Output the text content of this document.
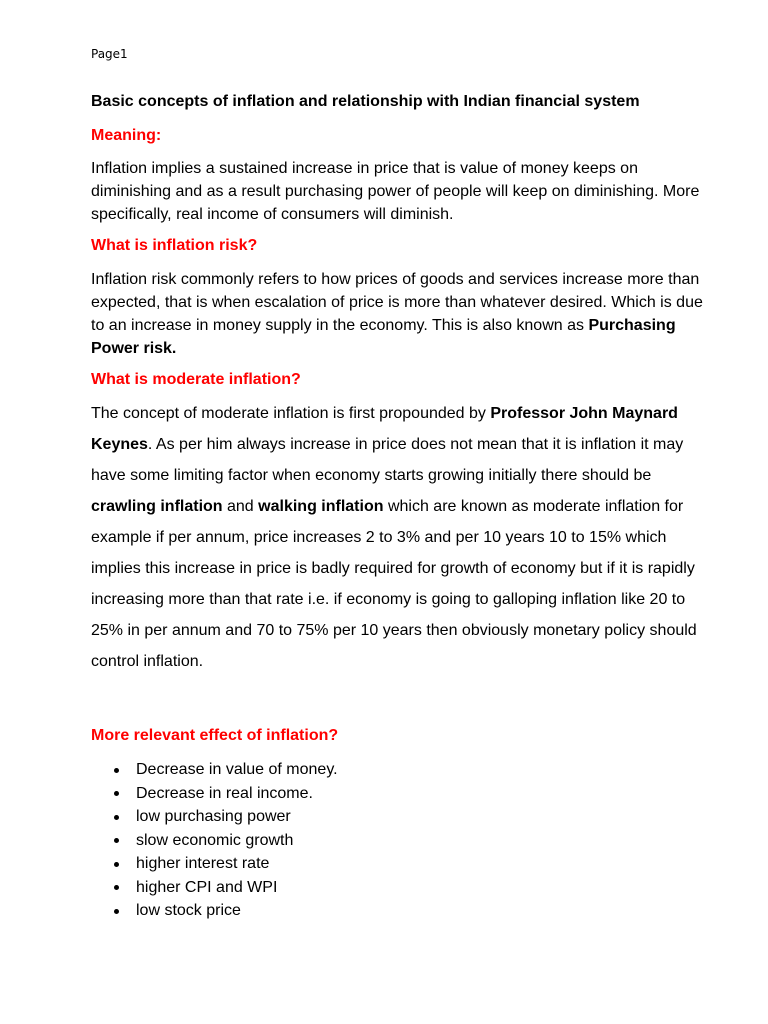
Page1
Basic concepts of inflation and relationship with Indian financial system
Meaning:

Inflation implies a sustained increase in price that is value of money keeps on diminishing and as a result purchasing power of people will keep on diminishing. More specifically, real income of consumers will diminish.

What is inflation risk?

Inflation risk commonly refers to how prices of goods and services increase more than expected, that is when escalation of price is more than whatever desired. Which is due to an increase in money supply in the economy. This is also known as Purchasing Power risk.

What is moderate inflation?

The concept of moderate inflation is first propounded by Professor John Maynard Keynes. As per him always increase in price does not mean that it is inflation it may have some limiting factor when economy starts growing initially there should be crawling inflation and walking inflation which are known as moderate inflation for example if per annum, price increases 2 to 3% and per 10 years 10 to 15% which implies this increase in price is badly required for growth of economy but if it is rapidly increasing more than that rate i.e. if economy is going to galloping inflation like 20 to 25% in per annum and 70 to 75% per 10 years then obviously monetary policy should control inflation.

More relevant effect of inflation?
Decrease in value of money.
Decrease in real income.
low purchasing power
slow economic growth
higher interest rate
higher CPI and WPI
low stock price
